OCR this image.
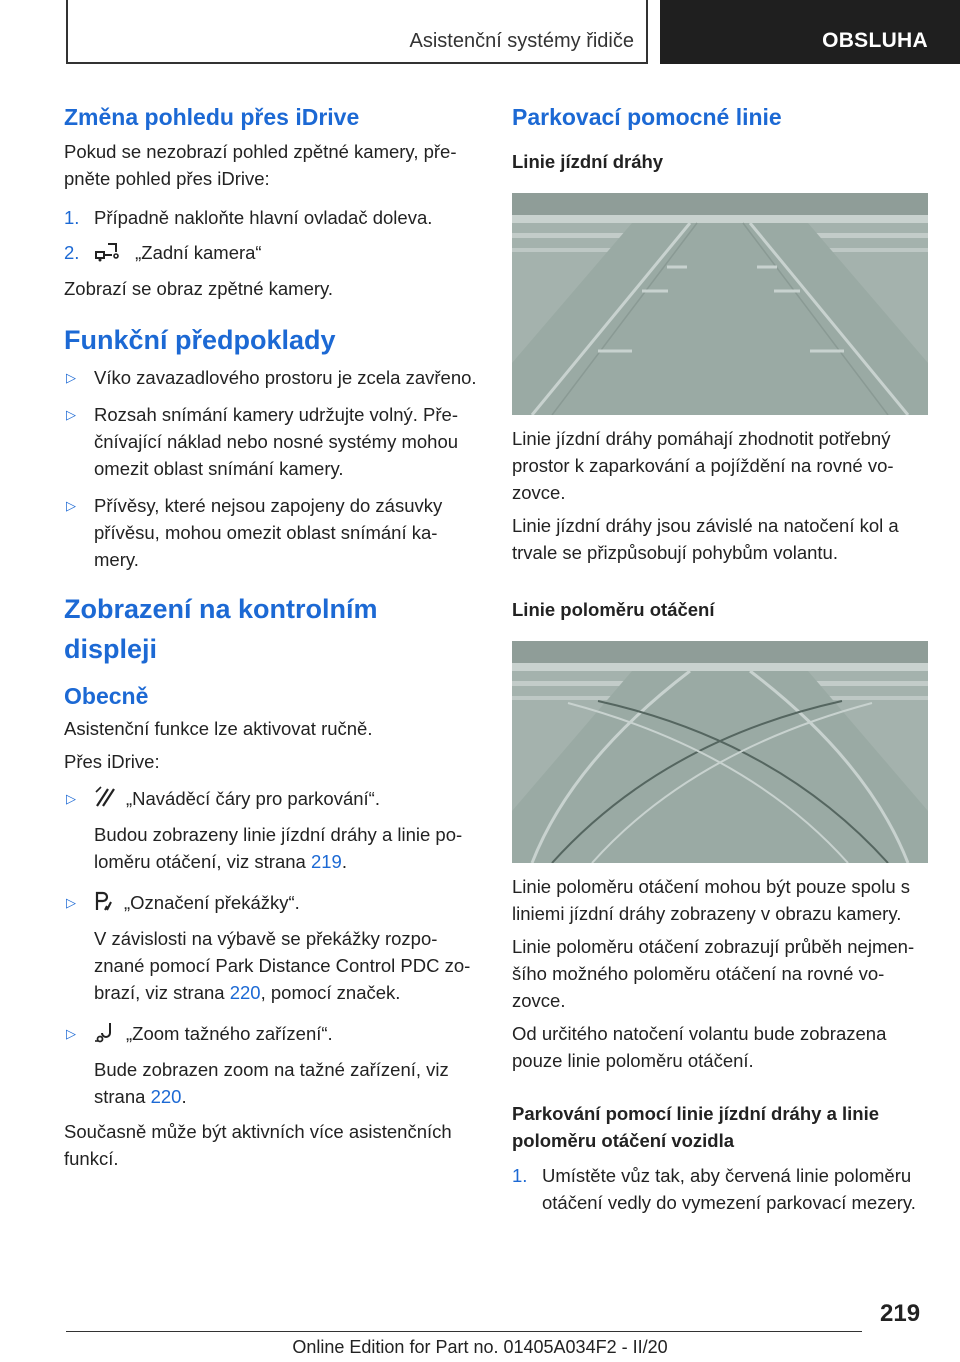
Asistenční systémy řidiče	OBSLUHA
Změna pohledu přes iDrive

Pokud se nezobrazí pohled zpětné kamery, pře-pněte pohled přes iDrive:

1. Případně nakloňte hlavní ovladač doleva.
2.	„Zadní kamera“

Zobrazí se obraz zpětné kamery.

Funkční předpoklady
▷ Víko zavazadlového prostoru je zcela zavřeno.
▷ Rozsah snímání kamery udržujte volný. Pře-čnívající náklad nebo nosné systémy mohou omezit oblast snímání kamery.
▷ Přívěsy, které nejsou zapojeny do zásuvky přívěsu, mohou omezit oblast snímání ka-mery.
Zobrazení na kontrolním displeji
Obecně

Asistenční funkce lze aktivovat ručně.

Přes iDrive:

▷	„Naváděcí čáry pro parkování“.
Budou zobrazeny linie jízdní dráhy a linie po-loměru otáčení, viz strana 219.
▷	„Označení překážky“.
V závislosti na výbavě se překážky rozpo-znané pomocí Park Distance Control PDC zo-brazí, viz strana 220, pomocí značek.
▷	„Zoom tažného zařízení“.
Bude zobrazen zoom na tažné zařízení, viz strana 220.

Současně může být aktivních více asistenčních funkcí.

Parkovací pomocné linie
Linie jízdní dráhy

Linie jízdní dráhy pomáhají zhodnotit potřebný prostor k zaparkování a pojíždění na rovné vo-zovce.

Linie jízdní dráhy jsou závislé na natočení kol a trvale se přizpůsobují pohybům volantu.

Linie poloměru otáčení

Linie poloměru otáčení mohou být pouze spolu s liniemi jízdní dráhy zobrazeny v obrazu kamery.

Linie poloměru otáčení zobrazují průběh nejmen-šího možného poloměru otáčení na rovné vo-zovce.

Od určitého natočení volantu bude zobrazena pouze linie poloměru otáčení.

Parkování pomocí linie jízdní dráhy a linie poloměru otáčení vozidla
1. Umístěte vůz tak, aby červená linie poloměru otáčení vedly do vymezení parkovací mezery.
219
Online Edition for Part no. 01405A034F2 - II/20
